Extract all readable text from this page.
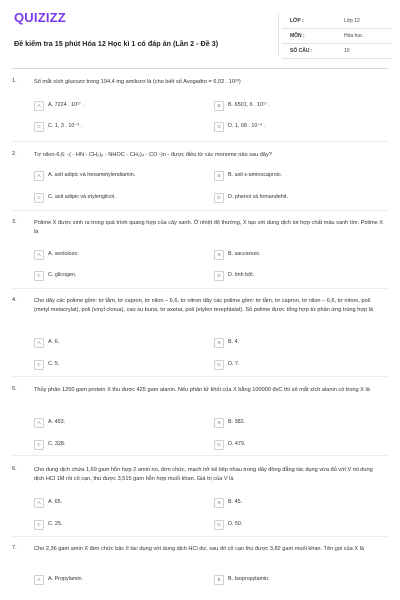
QUIZIZZ
Đề kiểm tra 15 phút Hóa 12 Học kì 1 có đáp án (Lần 2 - Đề 3)
LỚP :	Lớp 12
MÔN :	Hóa học
SỐ CÂU :	10
1.	Số mắt xích glucozơ trong 194,4 mg amilozơ là (cho biết số Avogađro = 6,02 . 10²³)
A	A. 7224 . 10¹⁷ .	B	B. 6501, 6 . 10¹⁷ .
C	C. 1, 3 . 10⁻³ .	D	D. 1, 08 . 10⁻³ .
2.	Tơ nilon-6,6: -( - HN - CH₂)₆ - NHOC - CH₂)₄ - CO -)n - được điều từ các monome nào sau đây?
A	A. axit adipic và hexametylendiamin.	B	B. axit ε-aminocaproic.
C	C. axit adipic và etylenglicol.	D	D. phenol và fomandehit.
3.	Polime X được sinh ra trong quá trình quang hợp của cây xanh. Ở nhiệt độ thường, X tạo với dung dịch iot hợp chất màu xanh tím. Polime X là
A	A. xenlulozo.	B	B. saccarozo.
C	C. glicogen.	D	D. tinh bột.
4.	Cho dãy các polime gồm: tơ tằm, tơ capron, tơ nilon – 6,6, tơ nitron dãy các polime gồm: tơ tằm, tơ capron, tơ nilon – 6,6, tơ nitron, poli (metyl metacrylat), poli (vinyl clorua), cao su buna, tơ axetat, poli (etylen terephtalat). Số polime được tổng hợp từ phản ứng trùng hợp là
A	A. 6.	B	B. 4.
C	C. 5.	D	D. 7.
5.	Thủy phân 1250 gam protein X thu được 425 gam alanin. Nếu phân tử khối của X bằng 100000 đvC thì số mắt xích alanin có trong X là
A	A. 453.	B	B. 382.
C	C. 328.	D	D. 479.
6.	Cho dung dịch chứa 1,69 gam hỗn hợp 2 amin no, đơn chức, mạch hở kế tiếp nhau trong dãy đồng đẳng tác dụng vừa đủ với V ml dung dịch HCl 1M rồi cô cạn, thu được 3,515 gam hỗn hợp muối khan. Giá trị của V là
A	A. 65.	B	B. 45.
C	C. 25.	D	D. 50.
7.	Cho 2,36 gam amin X đơn chức bậc II tác dụng với dung dịch HCl dư, sau đó cô cạn thu được 3,82 gam muối khan. Tên gọi của X là
A	A. Propylamin.	B	B. Isopropylamin.
